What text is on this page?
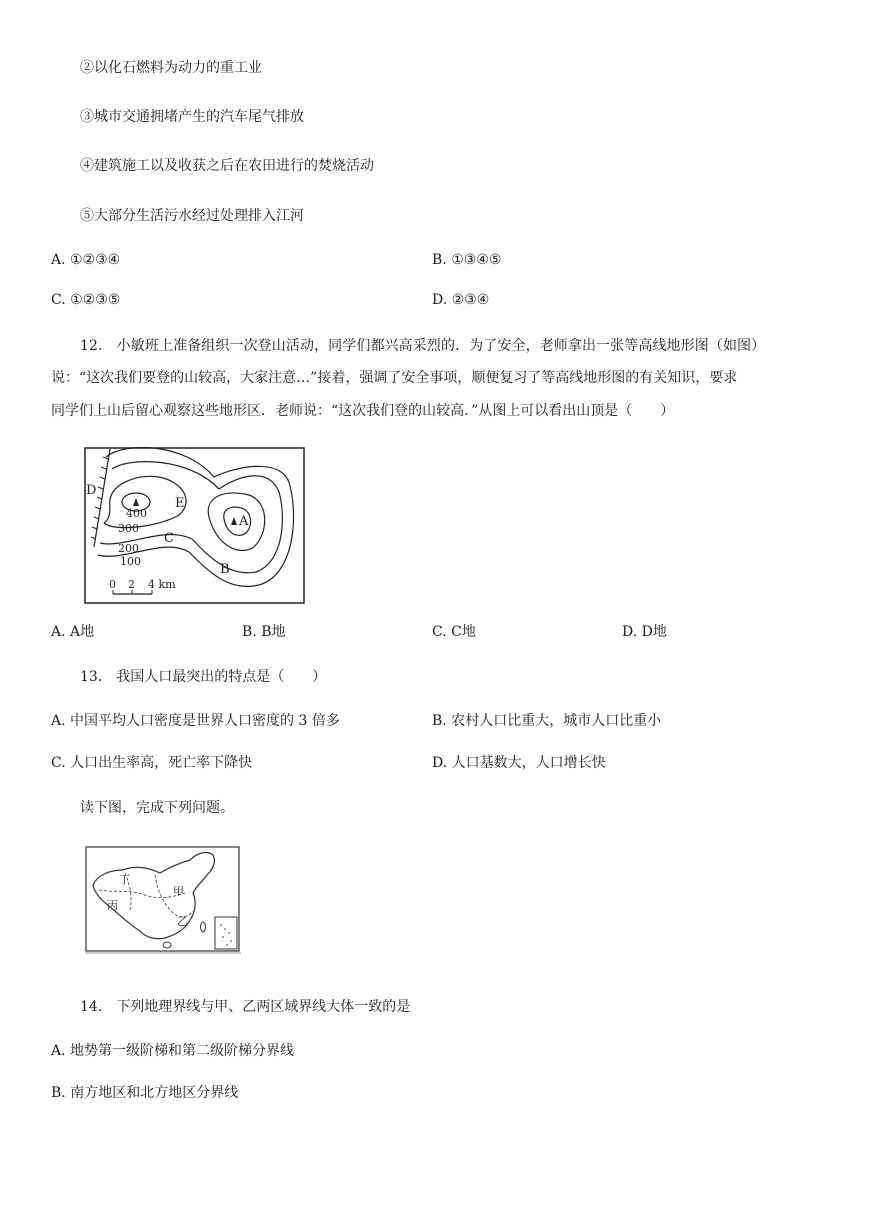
②以化石燃料为动力的重工业
③城市交通拥堵产生的汽车尾气排放
④建筑施工以及收获之后在农田进行的焚烧活动
⑤大部分生活污水经过处理排入江河
A. ①②③④	B. ①③④⑤
C. ①②③⑤	D. ②③④
12． 小敏班上准备组织一次登山活动，同学们都兴高采烈的．为了安全，老师拿出一张等高线地形图（如图）
说：“这次我们要登的山较高，大家注意…”接着，强调了安全事项，顺便复习了等高线地形图的有关知识，要求
同学们上山后留心观察这些地形区．老师说：“这次我们登的山较高．”从图上可以看出山顶是（　　）
D
E
A
C
B
400
300
200
100
0 2 4 km
A. A地	B. B地	C. C地	D. D地
13． 我国人口最突出的特点是（　　）
A. 中国平均人口密度是世界人口密度的 3 倍多	B. 农村人口比重大，城市人口比重小
C. 人口出生率高，死亡率下降快	D. 人口基数大，人口增长快
读下图，完成下列问题。
丁
甲
丙
乙
14． 下列地理界线与甲、乙两区域界线大体一致的是
A. 地势第一级阶梯和第二级阶梯分界线
B. 南方地区和北方地区分界线
